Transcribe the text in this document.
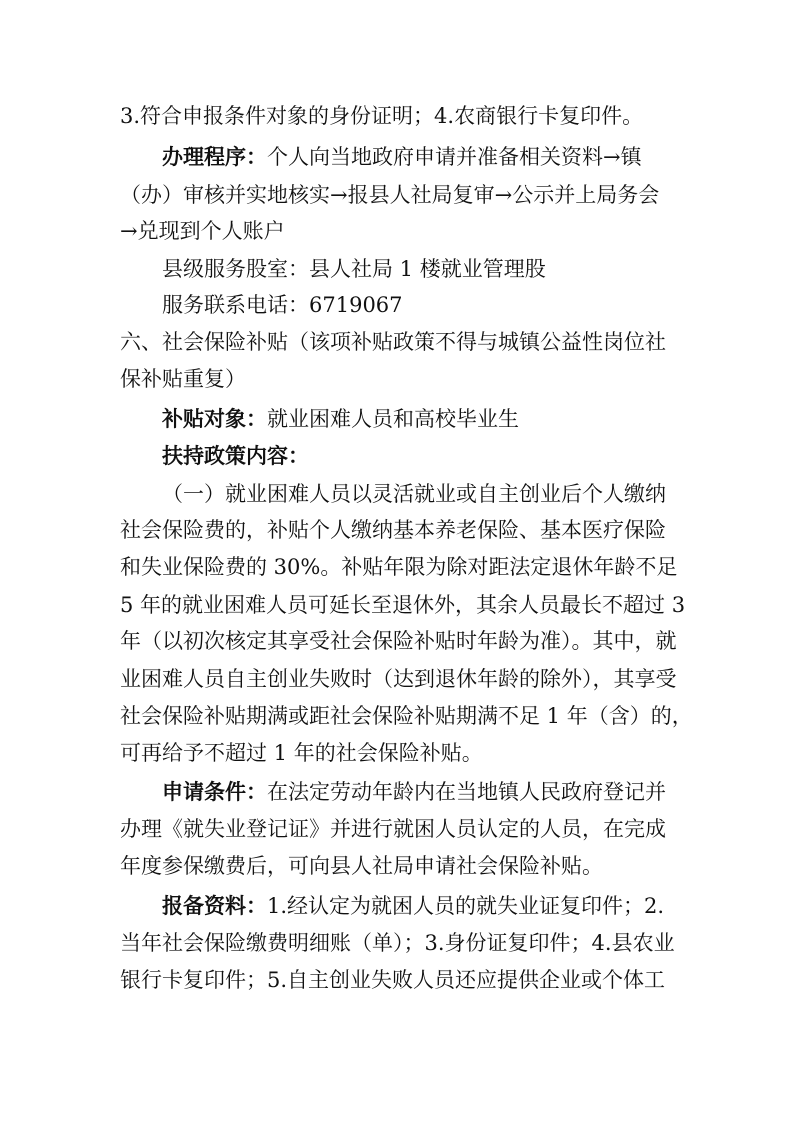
3.符合申报条件对象的身份证明；4.农商银行卡复印件。
办理程序：个人向当地政府申请并准备相关资料→镇
（办）审核并实地核实→报县人社局复审→公示并上局务会
→兑现到个人账户
县级服务股室：县人社局 1 楼就业管理股
服务联系电话：6719067
六、社会保险补贴（该项补贴政策不得与城镇公益性岗位社
保补贴重复）
补贴对象：就业困难人员和高校毕业生
扶持政策内容：
（一）就业困难人员以灵活就业或自主创业后个人缴纳
社会保险费的，补贴个人缴纳基本养老保险、基本医疗保险
和失业保险费的 30%。补贴年限为除对距法定退休年龄不足
5 年的就业困难人员可延长至退休外，其余人员最长不超过 3
年（以初次核定其享受社会保险补贴时年龄为准）。其中，就
业困难人员自主创业失败时（达到退休年龄的除外），其享受
社会保险补贴期满或距社会保险补贴期满不足 1 年（含）的，
可再给予不超过 1 年的社会保险补贴。
申请条件：在法定劳动年龄内在当地镇人民政府登记并
办理《就失业登记证》并进行就困人员认定的人员，在完成
年度参保缴费后，可向县人社局申请社会保险补贴。
报备资料：1.经认定为就困人员的就失业证复印件；2.
当年社会保险缴费明细账（单）；3.身份证复印件；4.县农业
银行卡复印件；5.自主创业失败人员还应提供企业或个体工
